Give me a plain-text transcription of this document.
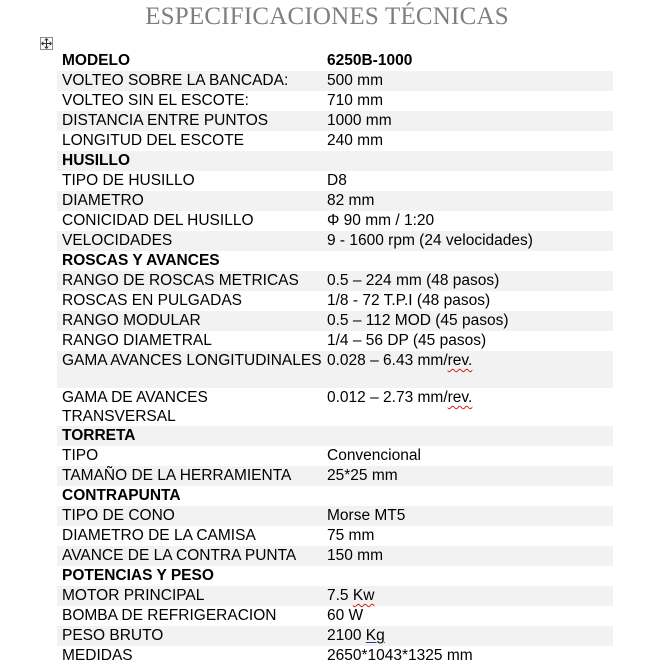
ESPECIFICACIONES TÉCNICAS
MODELO	6250B-1000
VOLTEO SOBRE LA BANCADA:	500 mm
VOLTEO SIN EL ESCOTE:	710 mm
DISTANCIA ENTRE PUNTOS	1000 mm
LONGITUD DEL ESCOTE	240 mm
HUSILLO	
TIPO DE HUSILLO	D8
DIAMETRO	82 mm
CONICIDAD DEL HUSILLO	Φ 90 mm / 1:20
VELOCIDADES	9 - 1600 rpm (24 velocidades)
ROSCAS Y AVANCES	
RANGO DE ROSCAS METRICAS	0.5 – 224 mm (48 pasos)
ROSCAS EN PULGADAS	1/8 - 72 T.P.I (48 pasos)
RANGO MODULAR	0.5 – 112 MOD (45 pasos)
RANGO DIAMETRAL	1/4 – 56 DP (45 pasos)
GAMA AVANCES LONGITUDINALES	0.028 – 6.43 mm/rev.
GAMA DE AVANCES TRANSVERSAL	0.012 – 2.73 mm/rev.
TORRETA	
TIPO	Convencional
TAMAÑO DE LA HERRAMIENTA	25*25 mm
CONTRAPUNTA	
TIPO DE CONO	Morse MT5
DIAMETRO DE LA CAMISA	75 mm
AVANCE DE LA CONTRA PUNTA	150 mm
POTENCIAS Y PESO	
MOTOR PRINCIPAL	7.5 Kw
BOMBA DE REFRIGERACION	60 W
PESO BRUTO	2100 Kg
MEDIDAS	2650*1043*1325 mm
